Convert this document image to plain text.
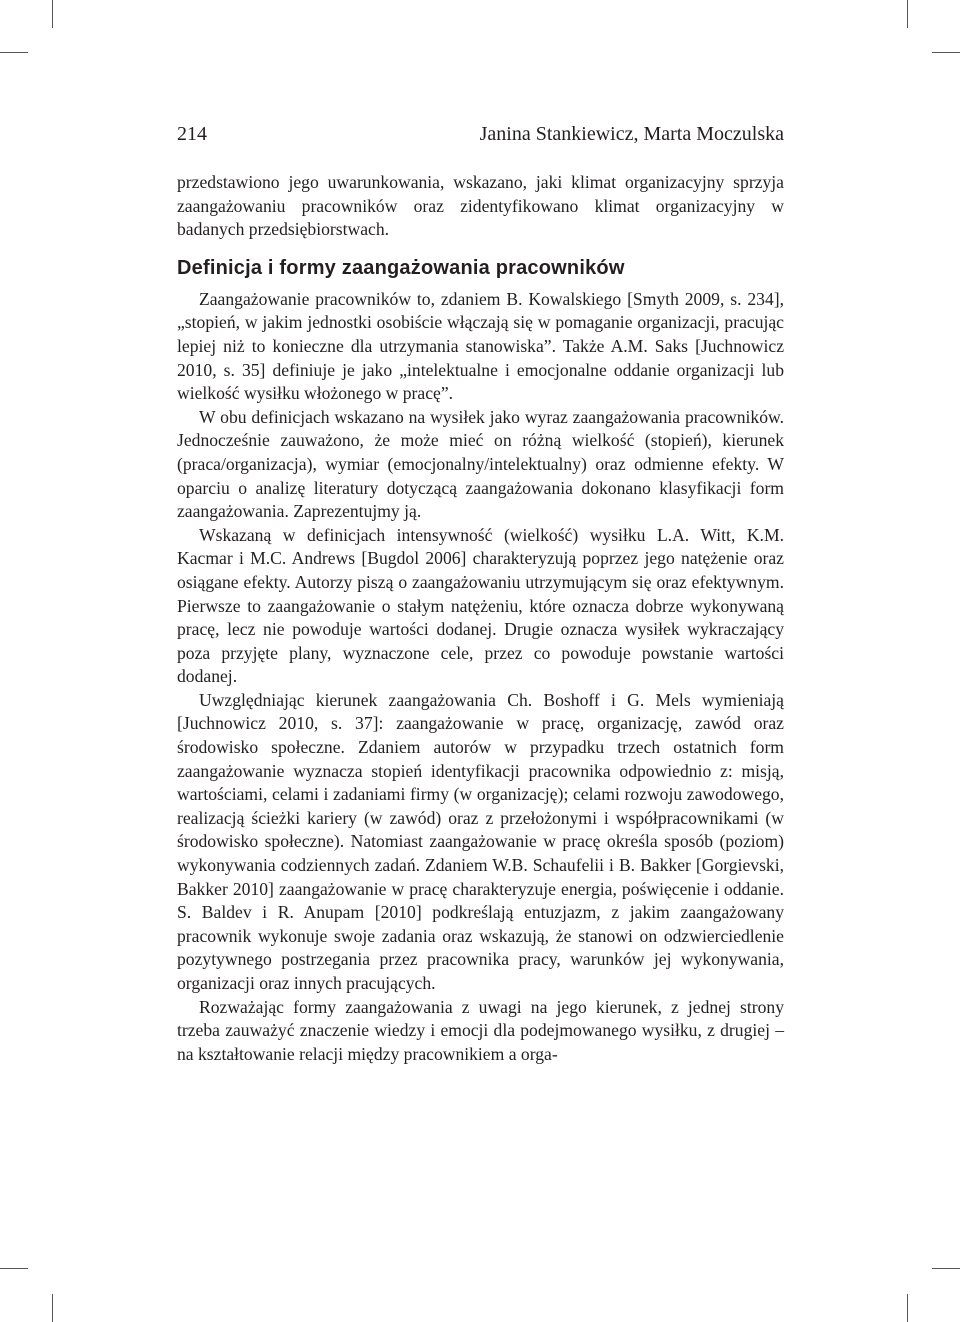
214	Janina Stankiewicz, Marta Moczulska

przedstawiono jego uwarunkowania, wskazano, jaki klimat organizacyjny sprzyja zaangażowaniu pracowników oraz zidentyfikowano klimat organizacyjny w badanych przedsiębiorstwach.

Definicja i formy zaangażowania pracowników

Zaangażowanie pracowników to, zdaniem B. Kowalskiego [Smyth 2009, s. 234], „stopień, w jakim jednostki osobiście włączają się w pomaganie organizacji, pracując lepiej niż to konieczne dla utrzymania stanowiska”. Także A.M. Saks [Juchnowicz 2010, s. 35] definiuje je jako „intelektualne i emocjonalne oddanie organizacji lub wielkość wysiłku włożonego w pracę”.

W obu definicjach wskazano na wysiłek jako wyraz zaangażowania pracowników. Jednocześnie zauważono, że może mieć on różną wielkość (stopień), kierunek (praca/organizacja), wymiar (emocjonalny/intelektualny) oraz odmienne efekty. W oparciu o analizę literatury dotyczącą zaangażowania dokonano klasyfikacji form zaangażowania. Zaprezentujmy ją.

Wskazaną w definicjach intensywność (wielkość) wysiłku L.A. Witt, K.M. Kacmar i M.C. Andrews [Bugdol 2006] charakteryzują poprzez jego natężenie oraz osiągane efekty. Autorzy piszą o zaangażowaniu utrzymującym się oraz efektywnym. Pierwsze to zaangażowanie o stałym natężeniu, które oznacza dobrze wykonywaną pracę, lecz nie powoduje wartości dodanej. Drugie oznacza wysiłek wykraczający poza przyjęte plany, wyznaczone cele, przez co powoduje powstanie wartości dodanej.

Uwzględniając kierunek zaangażowania Ch. Boshoff i G. Mels wymieniają [Juchnowicz 2010, s. 37]: zaangażowanie w pracę, organizację, zawód oraz środowisko społeczne. Zdaniem autorów w przypadku trzech ostatnich form zaangażowanie wyznacza stopień identyfikacji pracownika odpowiednio z: misją, wartościami, celami i zadaniami firmy (w organizację); celami rozwoju zawodowego, realizacją ścieżki kariery (w zawód) oraz z przełożonymi i współpracownikami (w środowisko społeczne). Natomiast zaangażowanie w pracę określa sposób (poziom) wykonywania codziennych zadań. Zdaniem W.B. Schaufelii i B. Bakker [Gorgievski, Bakker 2010] zaangażowanie w pracę charakteryzuje energia, poświęcenie i oddanie. S. Baldev i R. Anupam [2010] podkreślają entuzjazm, z jakim zaangażowany pracownik wykonuje swoje zadania oraz wskazują, że stanowi on odzwierciedlenie pozytywnego postrzegania przez pracownika pracy, warunków jej wykonywania, organizacji oraz innych pracujących.

Rozważając formy zaangażowania z uwagi na jego kierunek, z jednej strony trzeba zauważyć znaczenie wiedzy i emocji dla podejmowanego wysiłku, z drugiej – na kształtowanie relacji między pracownikiem a orga-
